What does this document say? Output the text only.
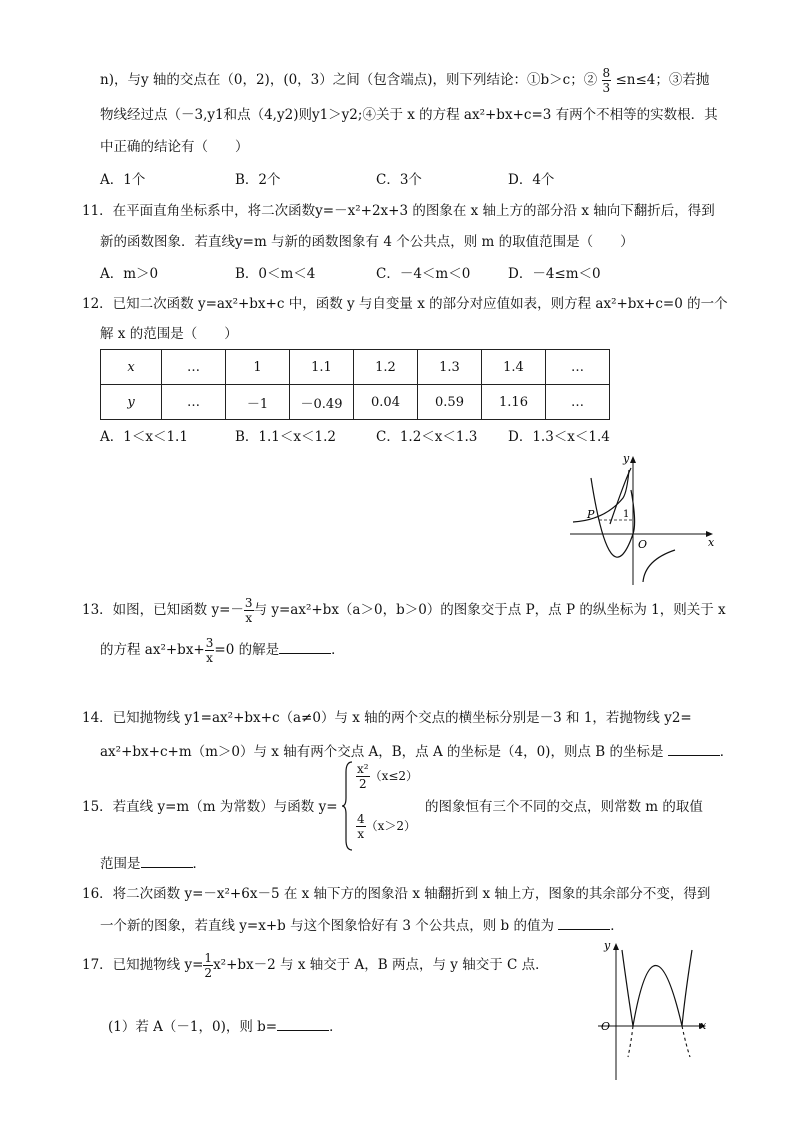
n)，与y 轴的交点在（0，2)，(0，3）之间（包含端点)，则下列结论：①b＞c；② $\frac{8}{3} \le n\le 4$；③若抛
物线经过点（－3,y1和点（4,y2)则y1＞y2;④关于 x 的方程 ax²+bx+c=3 有两个不相等的实数根．其
中正确的结论有（　　）
A．1个	B．2个	C．3个	D．4个
11．在平面直角坐标系中，将二次函数y=－x²+2x+3 的图象在 x 轴上方的部分沿 x 轴向下翻折后，得到
新的函数图象．若直线y=m 与新的函数图象有 4 个公共点，则 m 的取值范围是（　　）
A．m＞0	B．0＜m＜4	C．－4＜m＜0	D．－4≤m＜0
12．已知二次函数 y=ax²+bx+c 中，函数 y 与自变量 x 的部分对应值如表，则方程 ax²+bx+c=0 的一个
解 x 的范围是（　　）
x	…	1	1.1	1.2	1.3	1.4	…
y	…	－1	－0.49	0.04	0.59	1.16	…
A．1＜x＜1.1	B．1.1＜x＜1.2	C．1.2＜x＜1.3 D．1.3＜x＜1.4
y
x
O
P	1
13．如图，已知函数 $y=- \frac{3}{x}$ 与 y=ax²+bx（a＞0，b＞0）的图象交于点 P，点 P 的纵坐标为 1，则关于 x
的方程 $ax^2+bx+ \frac{3}{x} =0$ 的解是	．
14．已知抛物线 y1=ax²+bx+c（a≠0）与 x 轴的两个交点的横坐标分别是－3 和 1，若抛物线 y2=
ax²+bx+c+m（m＞0）与 x 轴有两个交点 A，B，点 A 的坐标是（4，0)，则点 B 的坐标是	．
15．若直线 y=m（m 为常数）与函数 y=
$\frac{\text{x²}}{2} (x\le 2)$
$\frac{4}{x} (x>2)$
的图象恒有三个不同的交点，则常数 m 的取值
范围是	．
16．将二次函数 y=－x²+6x－5 在 x 轴下方的图象沿 x 轴翻折到 x 轴上方，图象的其余部分不变，得到
一个新的图象，若直线 y=x+b 与这个图象恰好有 3 个公共点，则 b 的值为	．
17．已知抛物线 $y= \frac{1}{2} x^2+bx-2$ 与 x 轴交于 A，B 两点，与 y 轴交于 C 点．
(1）若 A（－1，0)，则 b=	．
y
x
O
